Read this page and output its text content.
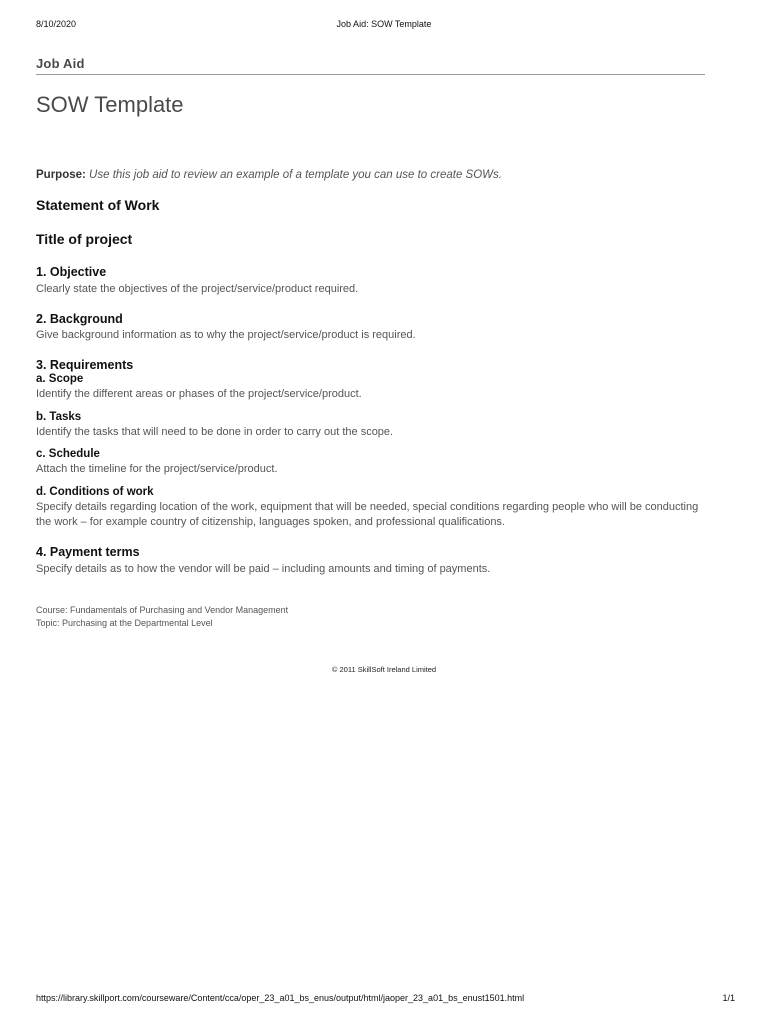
8/10/2020	Job Aid: SOW Template
Job Aid
SOW Template
Purpose: Use this job aid to review an example of a template you can use to create SOWs.
Statement of Work
Title of project
1. Objective
Clearly state the objectives of the project/service/product required.
2. Background
Give background information as to why the project/service/product is required.
3. Requirements
a. Scope
Identify the different areas or phases of the project/service/product.
b. Tasks
Identify the tasks that will need to be done in order to carry out the scope.
c. Schedule
Attach the timeline for the project/service/product.
d. Conditions of work
Specify details regarding location of the work, equipment that will be needed, special conditions regarding people who will be conducting the work – for example country of citizenship, languages spoken, and professional qualifications.
4. Payment terms
Specify details as to how the vendor will be paid – including amounts and timing of payments.
Course: Fundamentals of Purchasing and Vendor Management
Topic: Purchasing at the Departmental Level
© 2011 SkillSoft Ireland Limited
https://library.skillport.com/courseware/Content/cca/oper_23_a01_bs_enus/output/html/jaoper_23_a01_bs_enust1501.html	1/1
